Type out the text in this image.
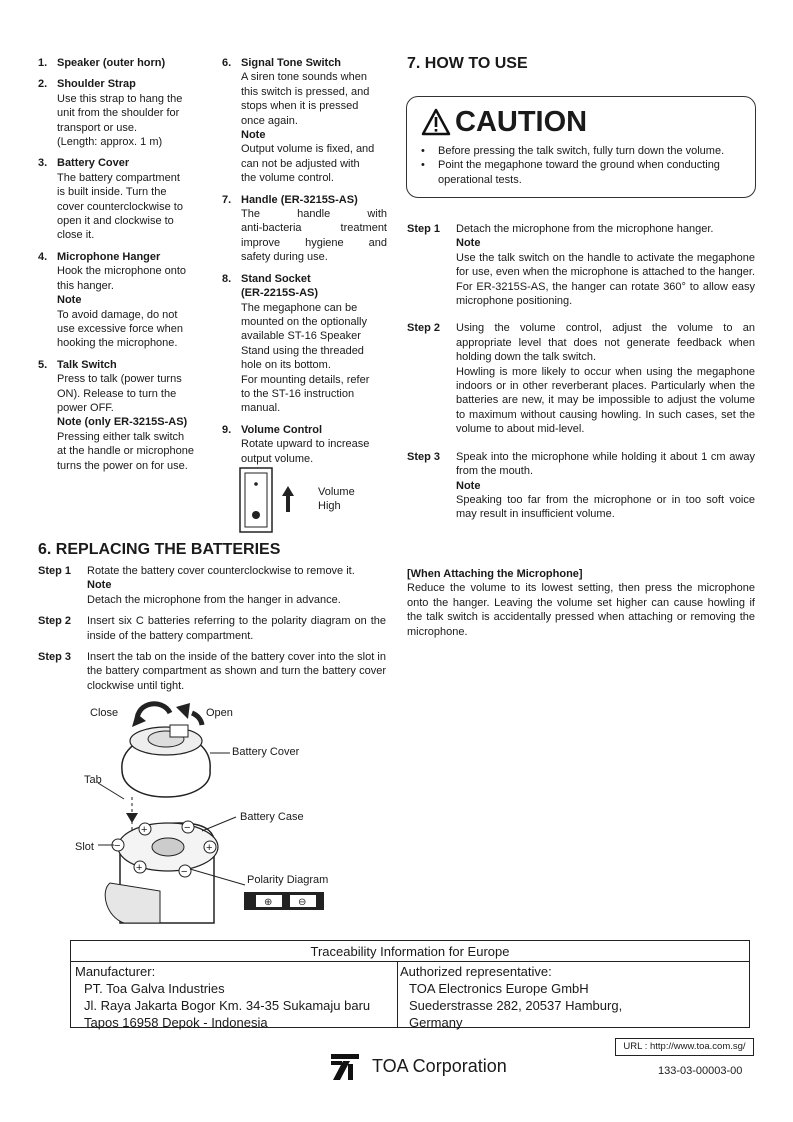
1. Speaker (outer horn)
2. Shoulder Strap

Use this strap to hang the

unit from the shoulder for

transport or use.

(Length: approx. 1 m)

3. Battery Cover

The battery compartment

is built inside. Turn the

cover counterclockwise to

open it and clockwise to

close it.

4. Microphone Hanger

Hook the microphone onto

this hanger.

Note

To avoid damage, do not

use excessive force when

hooking the microphone.

5. Talk Switch

Press to talk (power turns

ON). Release to turn the

power OFF.

Note (only ER-3215S-AS)

Pressing either talk switch

at the handle or microphone

turns the power on for use.

6. Signal Tone Switch

A siren tone sounds when

this switch is pressed, and

stops when it is pressed

once again.

Note

Output volume is fixed, and

can not be adjusted with

the volume control.

7. Handle (ER-3215S-AS)

The handle with

anti-bacteria treatment

improve hygiene and

safety during use.

8. Stand Socket

(ER-2215S-AS)

The megaphone can be

mounted on the optionally

available ST-16 Speaker

Stand using the threaded

hole on its bottom.

For mounting details, refer

to the ST-16 instruction

manual.

9. Volume Control

Rotate upward to increase

output volume.

Volume
High
6. REPLACING THE BATTERIES
Step 1	Rotate the battery cover counterclockwise to remove it.

Note

Detach the microphone from the hanger in advance.

Step 2	Insert six C batteries referring to the polarity diagram on the inside of the battery compartment.

Step 3	Insert the tab on the inside of the battery cover into the slot in the battery compartment as shown and turn the battery cover clockwise until tight.

+	−
−	+
+	−
⊕	⊖
Close	Open
Battery Cover
Tab
Battery Case
Slot
Polarity Diagram
7. HOW TO USE
CAUTION
•	Before pressing the talk switch, fully turn down the volume.
•	Point the megaphone toward the ground when conducting operational tests.
Step 1	Detach the microphone from the microphone hanger.

Note

Use the talk switch on the handle to activate the megaphone for use, even when the microphone is attached to the hanger. For ER-3215S-AS, the hanger can rotate 360° to allow easy microphone positioning.

Step 2	Using the volume control, adjust the volume to an appropriate level that does not generate feedback when holding down the talk switch.

Howling is more likely to occur when using the megaphone indoors or in other reverberant places. Particularly when the batteries are new, it may be impossible to adjust the volume to maximum without causing howling. In such cases, set the volume to about mid-level.

Step 3	Speak into the microphone while holding it about 1 cm away from the mouth.

Note

Speaking too far from the microphone or in too soft voice may result in insufficient volume.

[When Attaching the Microphone]

Reduce the volume to its lowest setting, then press the microphone onto the hanger. Leaving the volume set higher can cause howling if the talk switch is accidentally pressed when attaching or removing the microphone.

Traceability Information for Europe
Manufacturer:
PT. Toa Galva Industries
Jl. Raya Jakarta Bogor Km. 34-35 Sukamaju baru
Tapos 16958 Depok - Indonesia
Authorized representative:
TOA Electronics Europe GmbH
Suederstrasse 282, 20537 Hamburg,
Germany
URL : http://www.toa.com.sg/
TOA Corporation	133-03-00003-00
